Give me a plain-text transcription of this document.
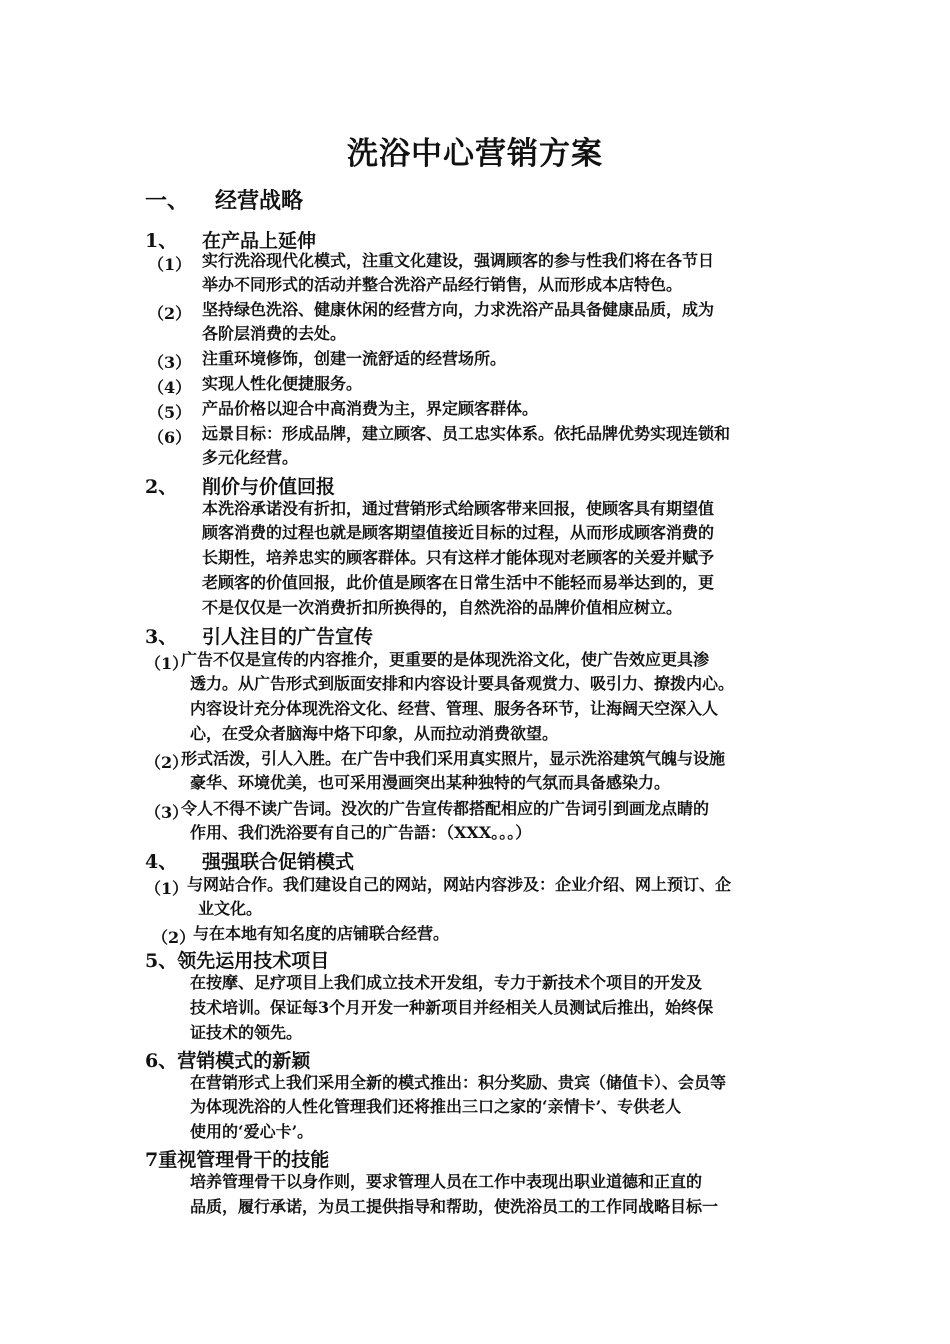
洗浴中心营销方案
一、 经营战略
1、 在产品上延伸
（1） 实行洗浴现代化模式，注重文化建设，强调顾客的参与性我们将在各节日
举办不同形式的活动并整合洗浴产品经行销售，从而形成本店特色。
（2） 坚持绿色洗浴、健康休闲的经营方向，力求洗浴产品具备健康品质，成为
各阶层消费的去处。
（3） 注重环境修饰，创建一流舒适的经营场所。
（4） 实现人性化便捷服务。
（5） 产品价格以迎合中高消费为主，界定顾客群体。
（6） 远景目标：形成品牌，建立顾客、员工忠实体系。依托品牌优势实现连锁和
多元化经营。
2、 削价与价值回报
本洗浴承诺没有折扣，通过营销形式给顾客带来回报，使顾客具有期望值
顾客消费的过程也就是顾客期望值接近目标的过程，从而形成顾客消费的
长期性，培养忠实的顾客群体。只有这样才能体现对老顾客的关爱并赋予
老顾客的价值回报，此价值是顾客在日常生活中不能轻而易举达到的，更
不是仅仅是一次消费折扣所换得的，自然洗浴的品牌价值相应树立。
3、 引人注目的广告宣传
（1）
广告不仅是宣传的内容推介，更重要的是体现洗浴文化，使广告效应更具渗
透力。从广告形式到版面安排和内容设计要具备观赏力、吸引力、撩拨内心。
内容设计充分体现洗浴文化、经营、管理、服务各环节，让海阔天空深入人
心，在受众者脑海中烙下印象，从而拉动消费欲望。
（2）
形式活泼，引人入胜。在广告中我们采用真实照片，显示洗浴建筑气魄与设施
豪华、环境优美，也可采用漫画突出某种独特的气氛而具备感染力。
（3）
令人不得不读广告词。没次的广告宣传都搭配相应的广告词引到画龙点睛的
作用、我们洗浴要有自己的广告語：（XXX。。。）
4、 强强联合促销模式
（1）
与网站合作。我们建设自己的网站，网站内容涉及：企业介绍、网上预订、企
业文化。
（2）
与在本地有知名度的店铺联合经营。
5、领先运用技术项目
在按摩、足疗项目上我们成立技术开发组，专力于新技术个项目的开发及
技术培训。保证每3个月开发一种新项目并经相关人员测试后推出，始终保
证技术的领先。
6、营销模式的新颖
在营销形式上我们采用全新的模式推出：积分奖励、贵宾（储值卡）、会员等
为体现洗浴的人性化管理我们还将推出三口之家的‘亲情卡’、专供老人
使用的‘爱心卡’。
7重视管理骨干的技能
培养管理骨干以身作则，要求管理人员在工作中表现出职业道德和正直的
品质，履行承诺，为员工提供指导和帮助，使洗浴员工的工作同战略目标一
